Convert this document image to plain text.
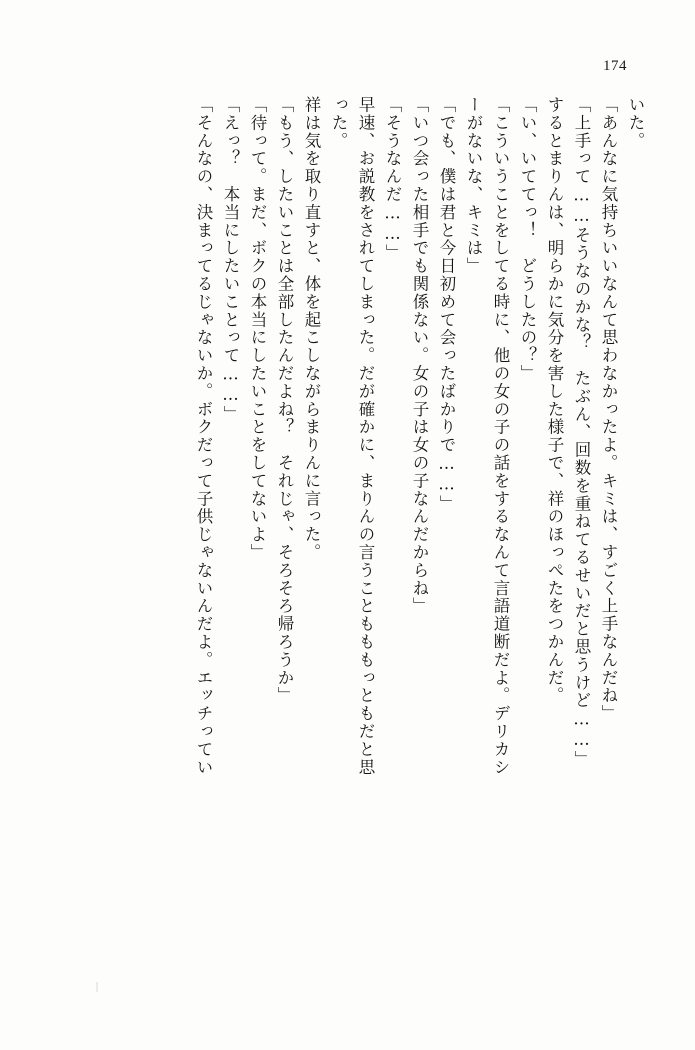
174
いた。
「あんなに気持ちいいなんて思わなかったよ。キミは、すごく上手なんだね」
「上手って……そうなのかな？　たぶん、回数を重ねてるせいだと思うけど……」
するとまりんは、明らかに気分を害した様子で、祥のほっぺたをつかんだ。
「い、いててっ！　どうしたの？」
「こういうことをしてる時に、他の女の子の話をするなんて言語道断だよ。デリカシ
ーがないな、キミは」
「でも、僕は君と今日初めて会ったばかりで……」
「いつ会った相手でも関係ない。女の子は女の子なんだからね」
「そうなんだ……」
早速、お説教をされてしまった。だが確かに、まりんの言うこともももっともだと思
った。
祥は気を取り直すと、体を起こしながらまりんに言った。
「もう、したいことは全部したんだよね？　それじゃ、そろそろ帰ろうか」
「待って。まだ、ボクの本当にしたいことをしてないよ」
「えっ？　本当にしたいことって……」
「そんなの、決まってるじゃないか。ボクだって子供じゃないんだよ。エッチってい
